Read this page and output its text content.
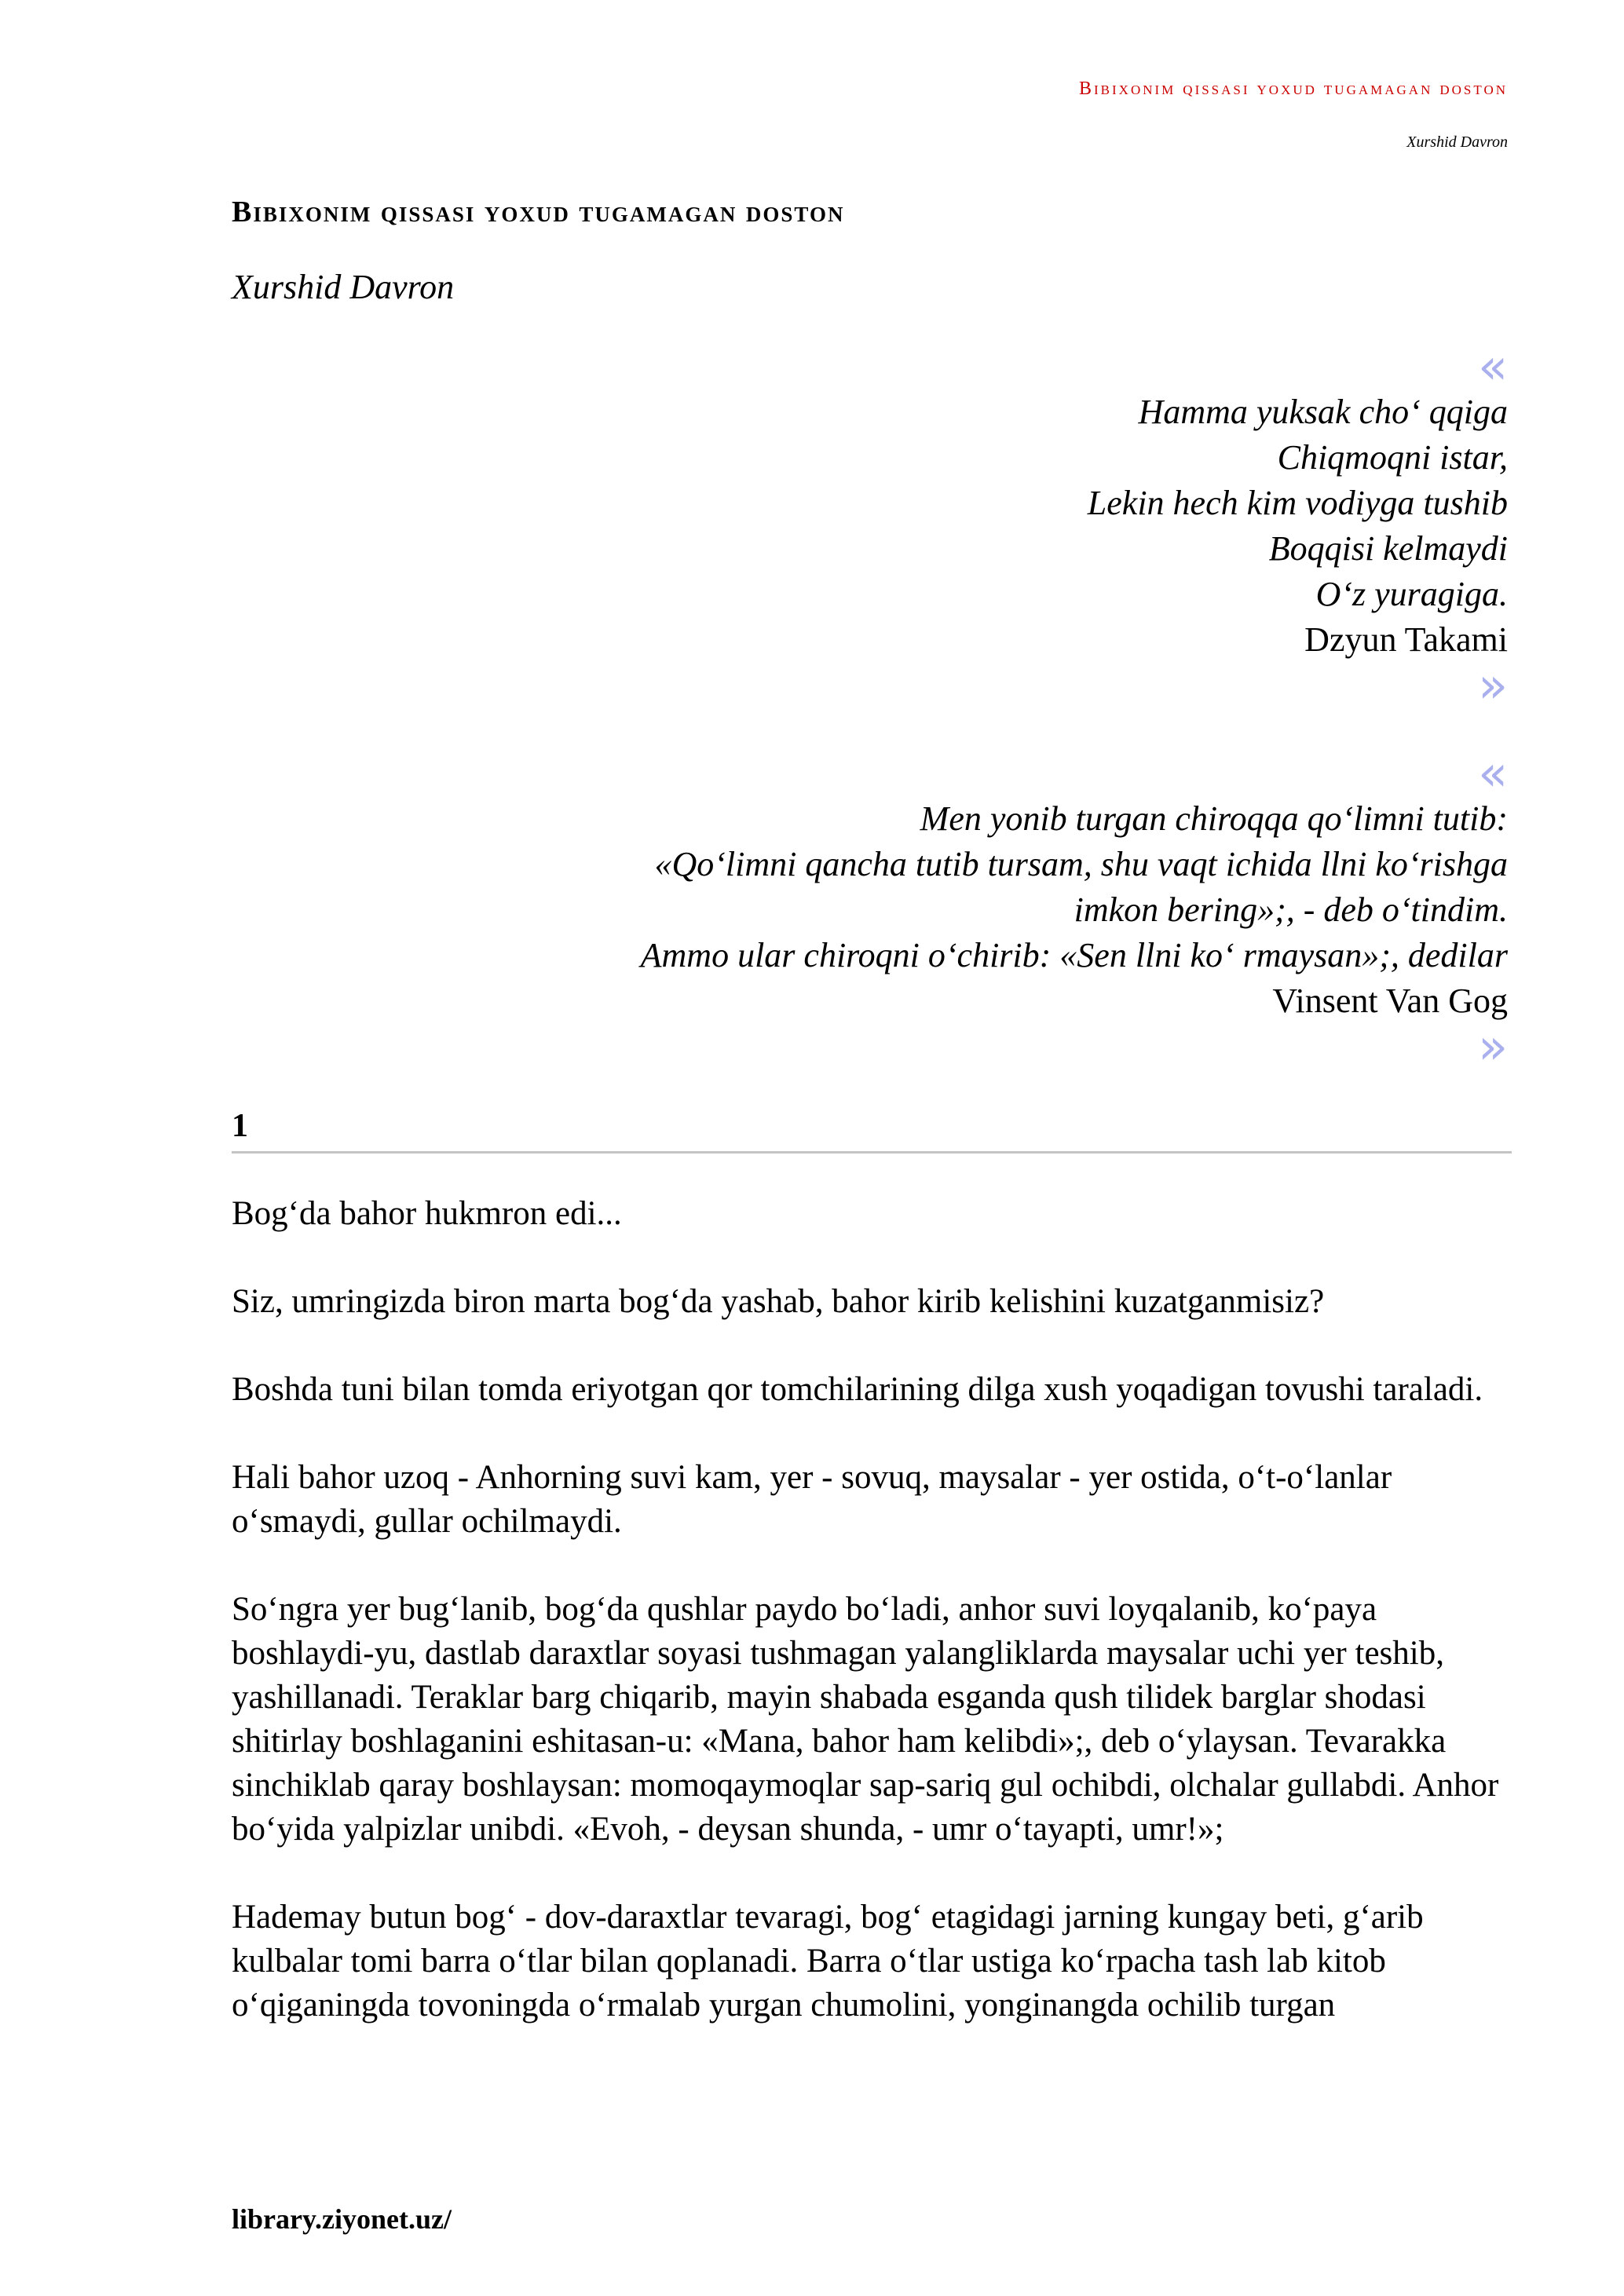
Bibixonim qissasi yoxud tugamagan doston

Xurshid Davron

Bibixonim qissasi yoxud tugamagan doston

Xurshid Davron

«
Hamma yuksak cho‘ qqiga
Chiqmoqni istar,
Lekin hech kim vodiyga tushib
Boqqisi kelmaydi
O‘z yuragiga.
Dzyun Takami
»
«
Men yonib turgan chiroqqa qo‘limni tutib:
«Qo‘limni qancha tutib tursam, shu vaqt ichida llni ko‘rishga
imkon bering»;, - deb o‘tindim.
Ammo ular chiroqni o‘chirib: «Sen llni ko‘ rmaysan»;, dedilar
Vinsent Van Gog
»
1

Bog‘da bahor hukmron edi...

Siz, umringizda biron marta bog‘da yashab, bahor kirib kelishini kuzatganmisiz?

Boshda tuni bilan tomda eriyotgan qor tomchilarining dilga xush yoqadigan tovushi taraladi.

Hali bahor uzoq - Anhorning suvi kam, yer - sovuq, maysalar - yer ostida, o‘t-o‘lanlar o‘smaydi, gullar ochilmaydi.

So‘ngra yer bug‘lanib, bog‘da qushlar paydo bo‘ladi, anhor suvi loyqalanib, ko‘paya boshlaydi-yu, dastlab daraxtlar soyasi tushmagan yalangliklarda maysalar uchi yer teshib, yashillanadi. Teraklar barg chiqarib, mayin shabada esganda qush tilidek barglar shodasi shitirlay boshlaganini eshitasan-u: «Mana, bahor ham kelibdi»;, deb o‘ylaysan. Tevarakka sinchiklab qaray boshlaysan: momoqaymoqlar sap-sariq gul ochibdi, olchalar gullabdi. Anhor bo‘yida yalpizlar unibdi. «Evoh, - deysan shunda, - umr o‘tayapti, umr!»;

Hademay butun bog‘ - dov-daraxtlar tevaragi, bog‘ etagidagi jarning kungay beti, g‘arib kulbalar tomi barra o‘tlar bilan qoplanadi. Barra o‘tlar ustiga ko‘rpacha tash lab kitob o‘qiganingda tovoningda o‘rmalab yurgan chumolini, yonginangda ochilib turgan

library.ziyonet.uz/
